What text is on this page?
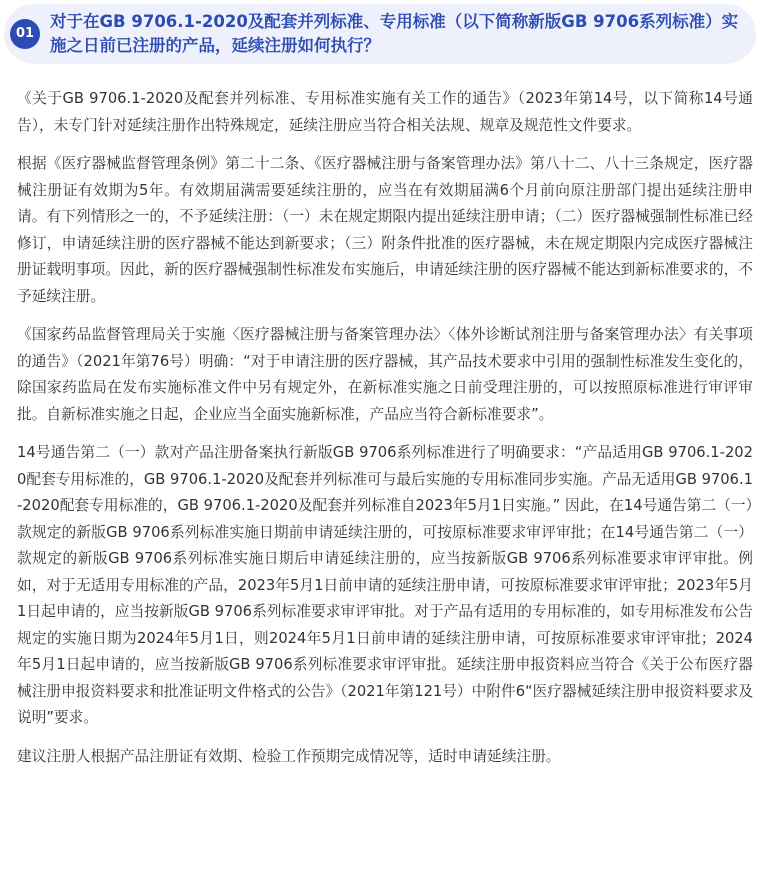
01
对于在GB 9706.1-2020及配套并列标准、专用标准（以下简称新版GB 9706系列标准）实施之日前已注册的产品，延续注册如何执行？

《关于GB 9706.1-2020及配套并列标准、专用标准实施有关工作的通告》（2023年第14号，以下简称14号通告），未专门针对延续注册作出特殊规定，延续注册应当符合相关法规、规章及规范性文件要求。

根据《医疗器械监督管理条例》第二十二条、《医疗器械注册与备案管理办法》第八十二、八十三条规定，医疗器械注册证有效期为5年。有效期届满需要延续注册的，应当在有效期届满6个月前向原注册部门提出延续注册申请。有下列情形之一的，不予延续注册：（一）未在规定期限内提出延续注册申请；（二）医疗器械强制性标准已经修订，申请延续注册的医疗器械不能达到新要求；（三）附条件批准的医疗器械，未在规定期限内完成医疗器械注册证载明事项。因此，新的医疗器械强制性标准发布实施后，申请延续注册的医疗器械不能达到新标准要求的，不予延续注册。

《国家药品监督管理局关于实施〈医疗器械注册与备案管理办法〉〈体外诊断试剂注册与备案管理办法〉有关事项的通告》（2021年第76号）明确：“对于申请注册的医疗器械，其产品技术要求中引用的强制性标准发生变化的，除国家药监局在发布实施标准文件中另有规定外，在新标准实施之日前受理注册的，可以按照原标准进行审评审批。自新标准实施之日起，企业应当全面实施新标准，产品应当符合新标准要求”。

14号通告第二（一）款对产品注册备案执行新版GB 9706系列标准进行了明确要求：“产品适用GB 9706.1-2020配套专用标准的，GB 9706.1-2020及配套并列标准可与最后实施的专用标准同步实施。产品无适用GB 9706.1-2020配套专用标准的，GB 9706.1-2020及配套并列标准自2023年5月1日实施。” 因此，在14号通告第二（一）款规定的新版GB 9706系列标准实施日期前申请延续注册的，可按原标准要求审评审批；在14号通告第二（一）款规定的新版GB 9706系列标准实施日期后申请延续注册的，应当按新版GB 9706系列标准要求审评审批。例如，对于无适用专用标准的产品，2023年5月1日前申请的延续注册申请，可按原标准要求审评审批；2023年5月1日起申请的，应当按新版GB 9706系列标准要求审评审批。对于产品有适用的专用标准的，如专用标准发布公告规定的实施日期为2024年5月1日，则2024年5月1日前申请的延续注册申请，可按原标准要求审评审批；2024年5月1日起申请的，应当按新版GB 9706系列标准要求审评审批。延续注册申报资料应当符合《关于公布医疗器械注册申报资料要求和批准证明文件格式的公告》（2021年第121号）中附件6“医疗器械延续注册申报资料要求及说明”要求。

建议注册人根据产品注册证有效期、检验工作预期完成情况等，适时申请延续注册。
